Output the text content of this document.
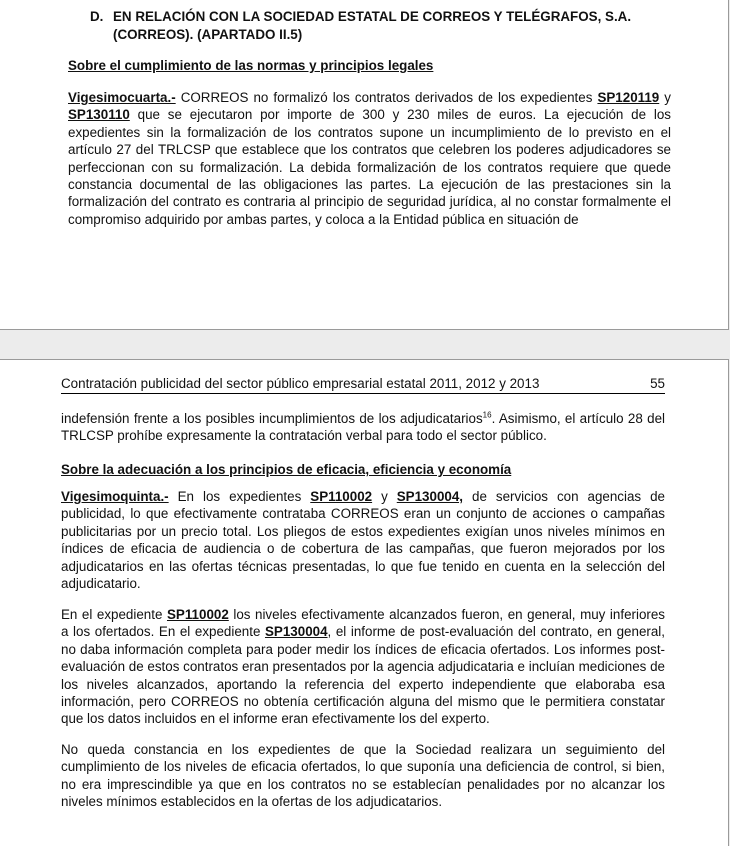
D. EN RELACIÓN CON LA SOCIEDAD ESTATAL DE CORREOS Y TELÉGRAFOS, S.A. (CORREOS). (APARTADO II.5)
Sobre el cumplimiento de las normas y principios legales

Vigesimocuarta.- CORREOS no formalizó los contratos derivados de los expedientes SP120119 y SP130110 que se ejecutaron por importe de 300 y 230 miles de euros. La ejecución de los expedientes sin la formalización de los contratos supone un incumplimiento de lo previsto en el artículo 27 del TRLCSP que establece que los contratos que celebren los poderes adjudicadores se perfeccionan con su formalización. La debida formalización de los contratos requiere que quede constancia documental de las obligaciones las partes. La ejecución de las prestaciones sin la formalización del contrato es contraria al principio de seguridad jurídica, al no constar formalmente el compromiso adquirido por ambas partes, y coloca a la Entidad pública en situación de

Contratación publicidad del sector público empresarial estatal 2011, 2012 y 2013	55

indefensión frente a los posibles incumplimientos de los adjudicatarios$^{16}$. Asimismo, el artículo 28 del TRLCSP prohíbe expresamente la contratación verbal para todo el sector público.

Sobre la adecuación a los principios de eficacia, eficiencia y economía

Vigesimoquinta.- En los expedientes SP110002 y SP130004, de servicios con agencias de publicidad, lo que efectivamente contrataba CORREOS eran un conjunto de acciones o campañas publicitarias por un precio total. Los pliegos de estos expedientes exigían unos niveles mínimos en índices de eficacia de audiencia o de cobertura de las campañas, que fueron mejorados por los adjudicatarios en las ofertas técnicas presentadas, lo que fue tenido en cuenta en la selección del adjudicatario.

En el expediente SP110002 los niveles efectivamente alcanzados fueron, en general, muy inferiores a los ofertados. En el expediente SP130004, el informe de post-evaluación del contrato, en general, no daba información completa para poder medir los índices de eficacia ofertados. Los informes post-evaluación de estos contratos eran presentados por la agencia adjudicataria e incluían mediciones de los niveles alcanzados, aportando la referencia del experto independiente que elaboraba esa información, pero CORREOS no obtenía certificación alguna del mismo que le permitiera constatar que los datos incluidos en el informe eran efectivamente los del experto.

No queda constancia en los expedientes de que la Sociedad realizara un seguimiento del cumplimiento de los niveles de eficacia ofertados, lo que suponía una deficiencia de control, si bien, no era imprescindible ya que en los contratos no se establecían penalidades por no alcanzar los niveles mínimos establecidos en la ofertas de los adjudicatarios.
